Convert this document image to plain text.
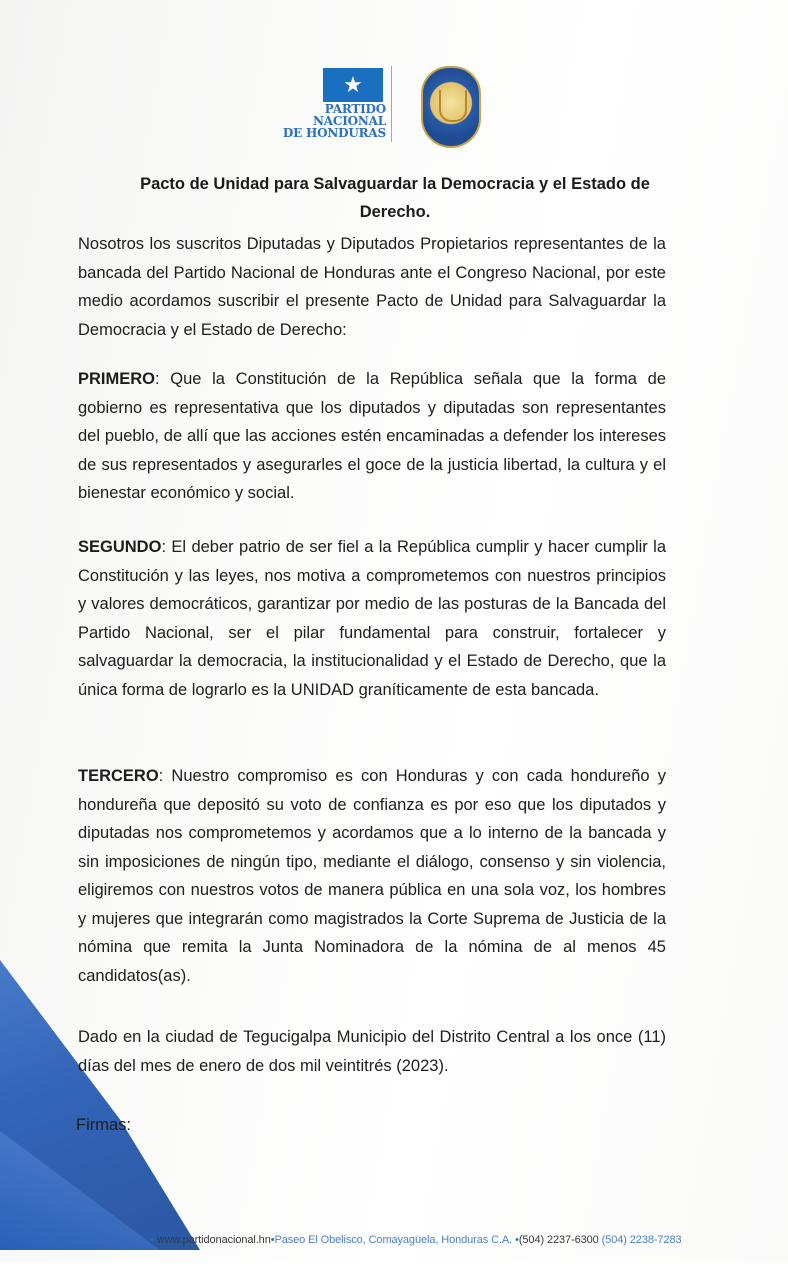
★
PARTIDO
NACIONAL
DE HONDURAS
Pacto de Unidad para Salvaguardar la Democracia y el Estado de Derecho.
Nosotros los suscritos Diputadas y Diputados Propietarios representantes de la bancada del Partido Nacional de Honduras ante el Congreso Nacional, por este medio acordamos suscribir el presente Pacto de Unidad para Salvaguardar la Democracia y el Estado de Derecho:
PRIMERO: Que la Constitución de la República señala que la forma de gobierno es representativa que los diputados y diputadas son representantes del pueblo, de allí que las acciones estén encaminadas a defender los intereses de sus representados y asegurarles el goce de la justicia libertad, la cultura y el bienestar económico y social.
SEGUNDO: El deber patrio de ser fiel a la República cumplir y hacer cumplir la Constitución y las leyes, nos motiva a comprometemos con nuestros principios y valores democráticos, garantizar por medio de las posturas de la Bancada del Partido Nacional, ser el pilar fundamental para construir, fortalecer y salvaguardar la democracia, la institucionalidad y el Estado de Derecho, que la única forma de lograrlo es la UNIDAD graníticamente de esta bancada.
TERCERO: Nuestro compromiso es con Honduras y con cada hondureño y hondureña que depositó su voto de confianza es por eso que los diputados y diputadas nos comprometemos y acordamos que a lo interno de la bancada y sin imposiciones de ningún tipo, mediante el diálogo, consenso y sin violencia, eligiremos con nuestros votos de manera pública en una sola voz, los hombres y mujeres que integrarán como magistrados la Corte Suprema de Justicia de la nómina que remita la Junta Nominadora de la nómina de al menos 45 candidatos(as).
Dado en la ciudad de Tegucigalpa Municipio del Distrito Central a los once (11) días del mes de enero de dos mil veintitrés (2023).
Firmas:
• www.partidonacional.hn•Paseo El Obelisco, Comayagüela, Honduras C.A. •(504) 2237-6300 (504) 2238-7283
